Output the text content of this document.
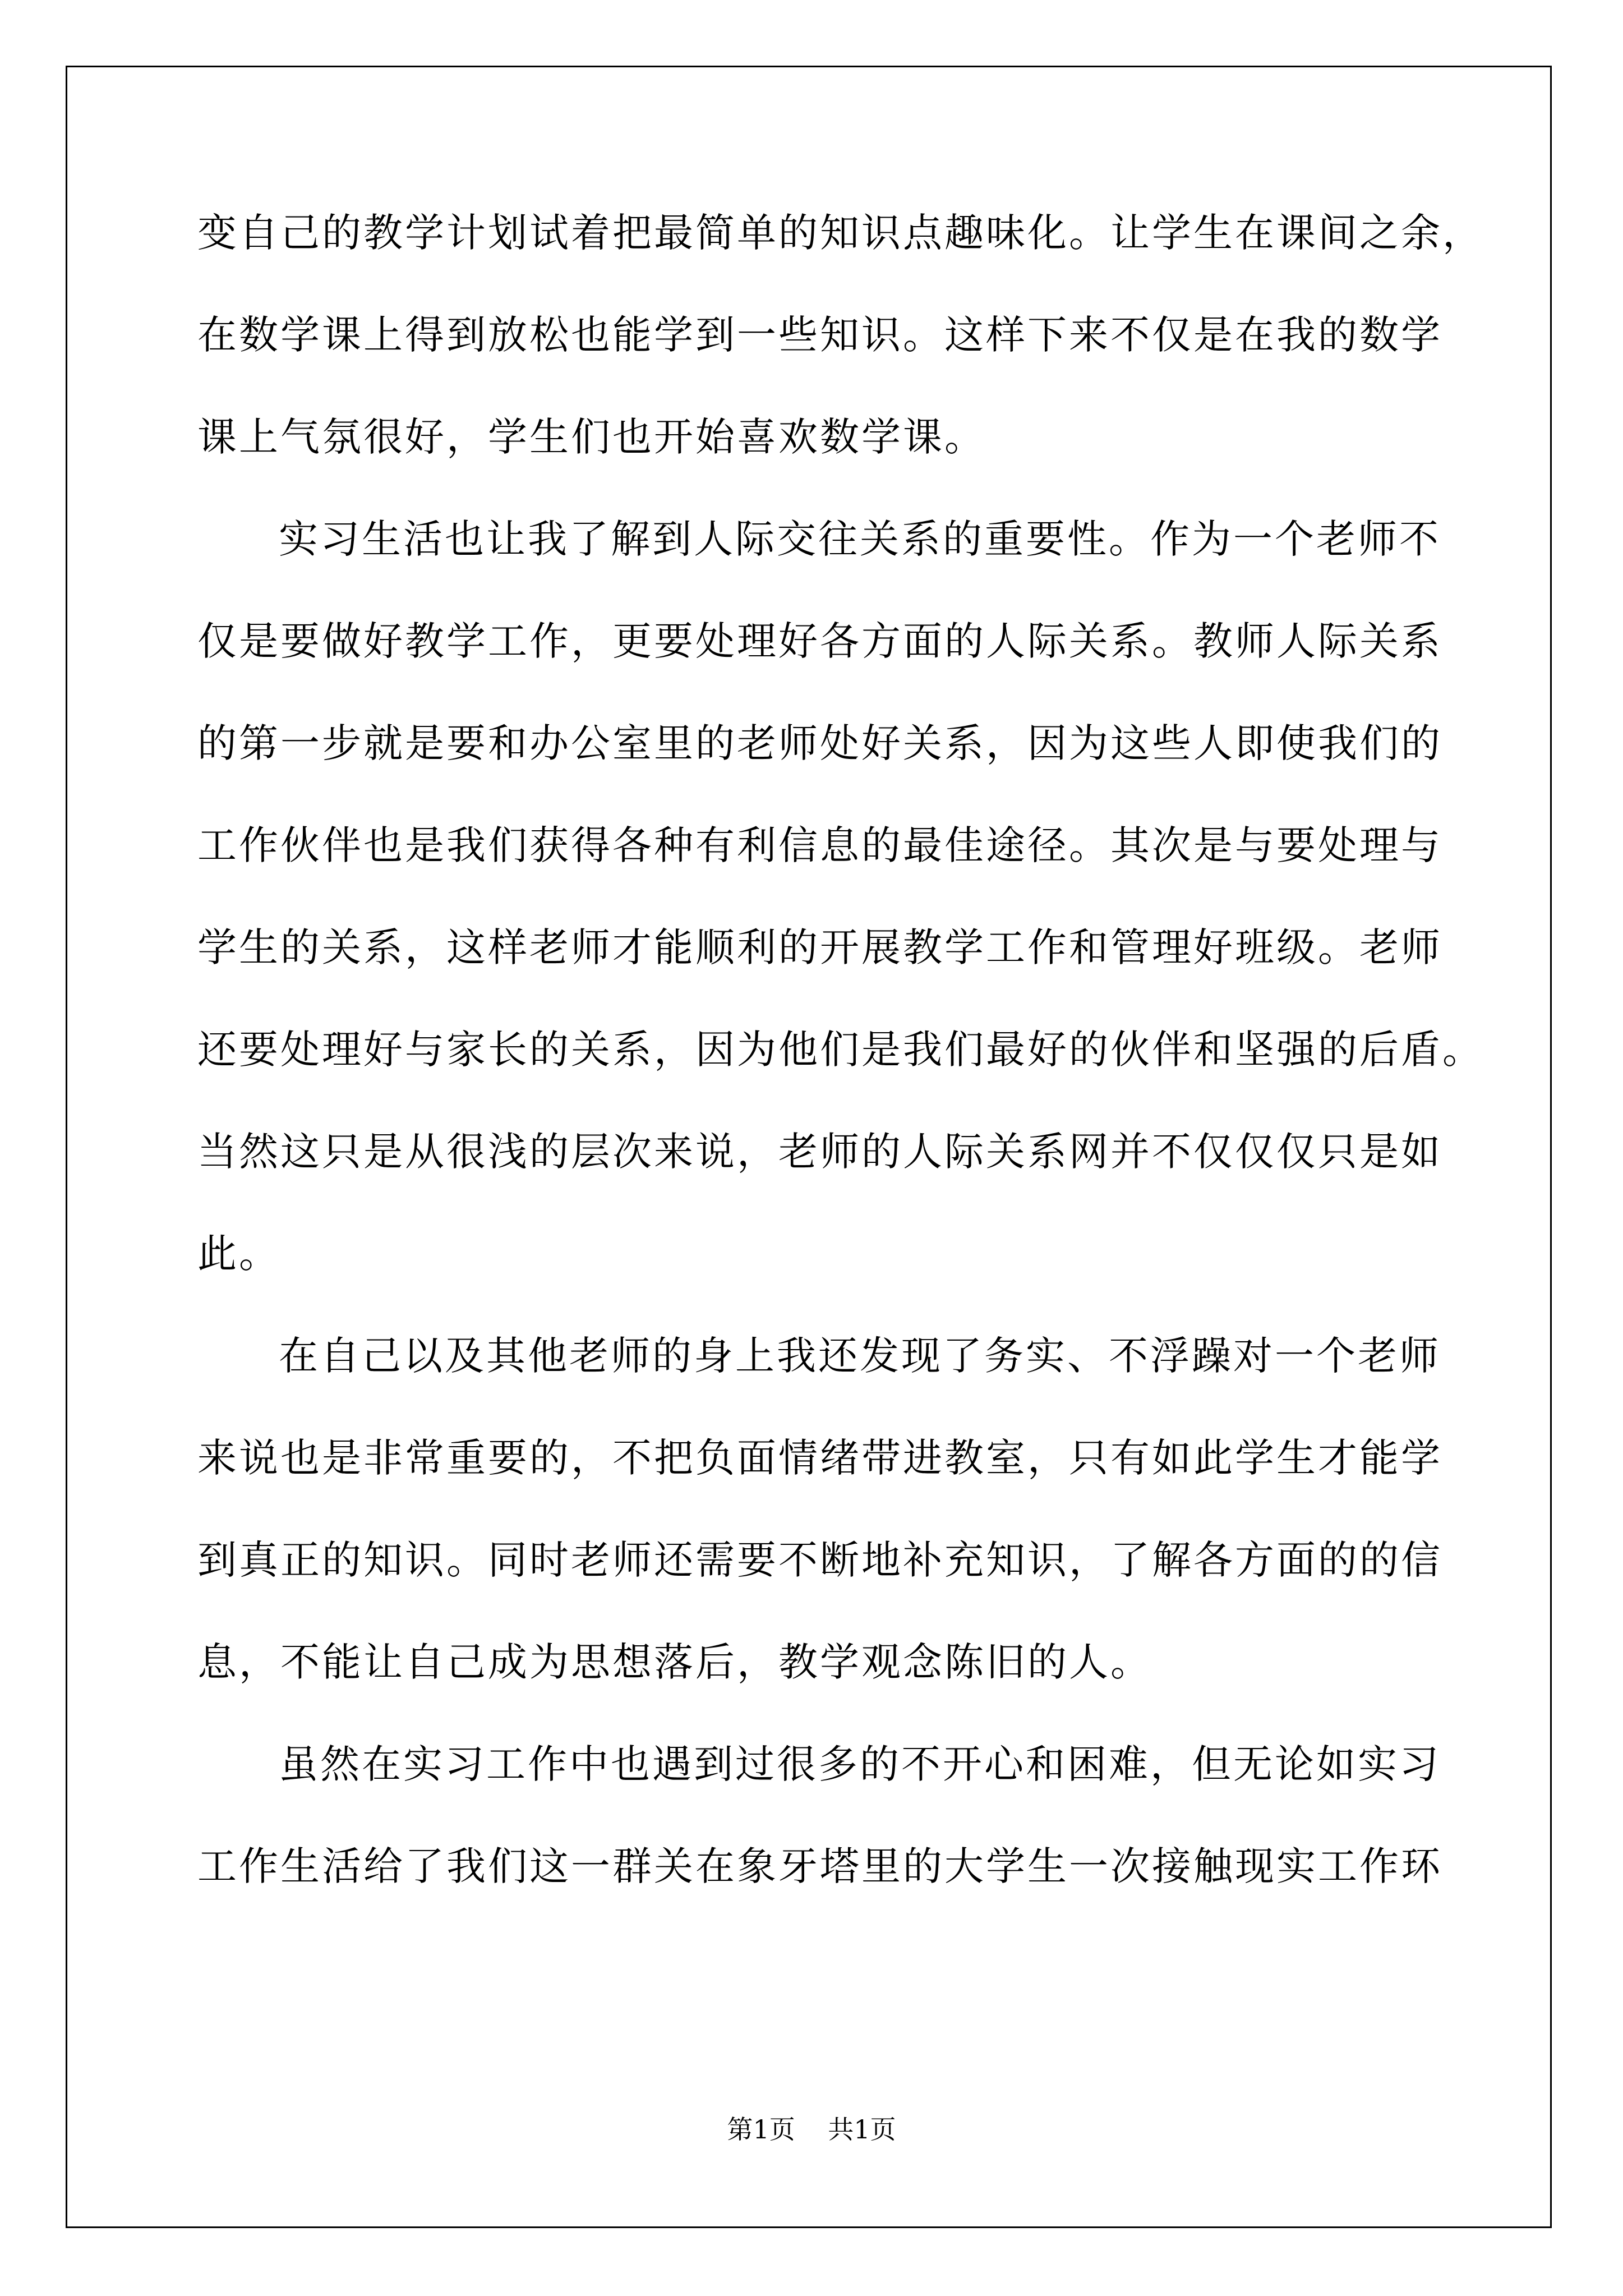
变自己的教学计划试着把最简单的知识点趣味化。让学生在课间之余，
在数学课上得到放松也能学到一些知识。这样下来不仅是在我的数学
课上气氛很好，学生们也开始喜欢数学课。
实习生活也让我了解到人际交往关系的重要性。作为一个老师不
仅是要做好教学工作，更要处理好各方面的人际关系。教师人际关系
的第一步就是要和办公室里的老师处好关系，因为这些人即使我们的
工作伙伴也是我们获得各种有利信息的最佳途径。其次是与要处理与
学生的关系，这样老师才能顺利的开展教学工作和管理好班级。老师
还要处理好与家长的关系，因为他们是我们最好的伙伴和坚强的后盾。
当然这只是从很浅的层次来说，老师的人际关系网并不仅仅仅只是如
此。
在自己以及其他老师的身上我还发现了务实、不浮躁对一个老师
来说也是非常重要的，不把负面情绪带进教室，只有如此学生才能学
到真正的知识。同时老师还需要不断地补充知识，了解各方面的的信
息，不能让自己成为思想落后，教学观念陈旧的人。
虽然在实习工作中也遇到过很多的不开心和困难，但无论如实习
工作生活给了我们这一群关在象牙塔里的大学生一次接触现实工作环
第1页 共1页
